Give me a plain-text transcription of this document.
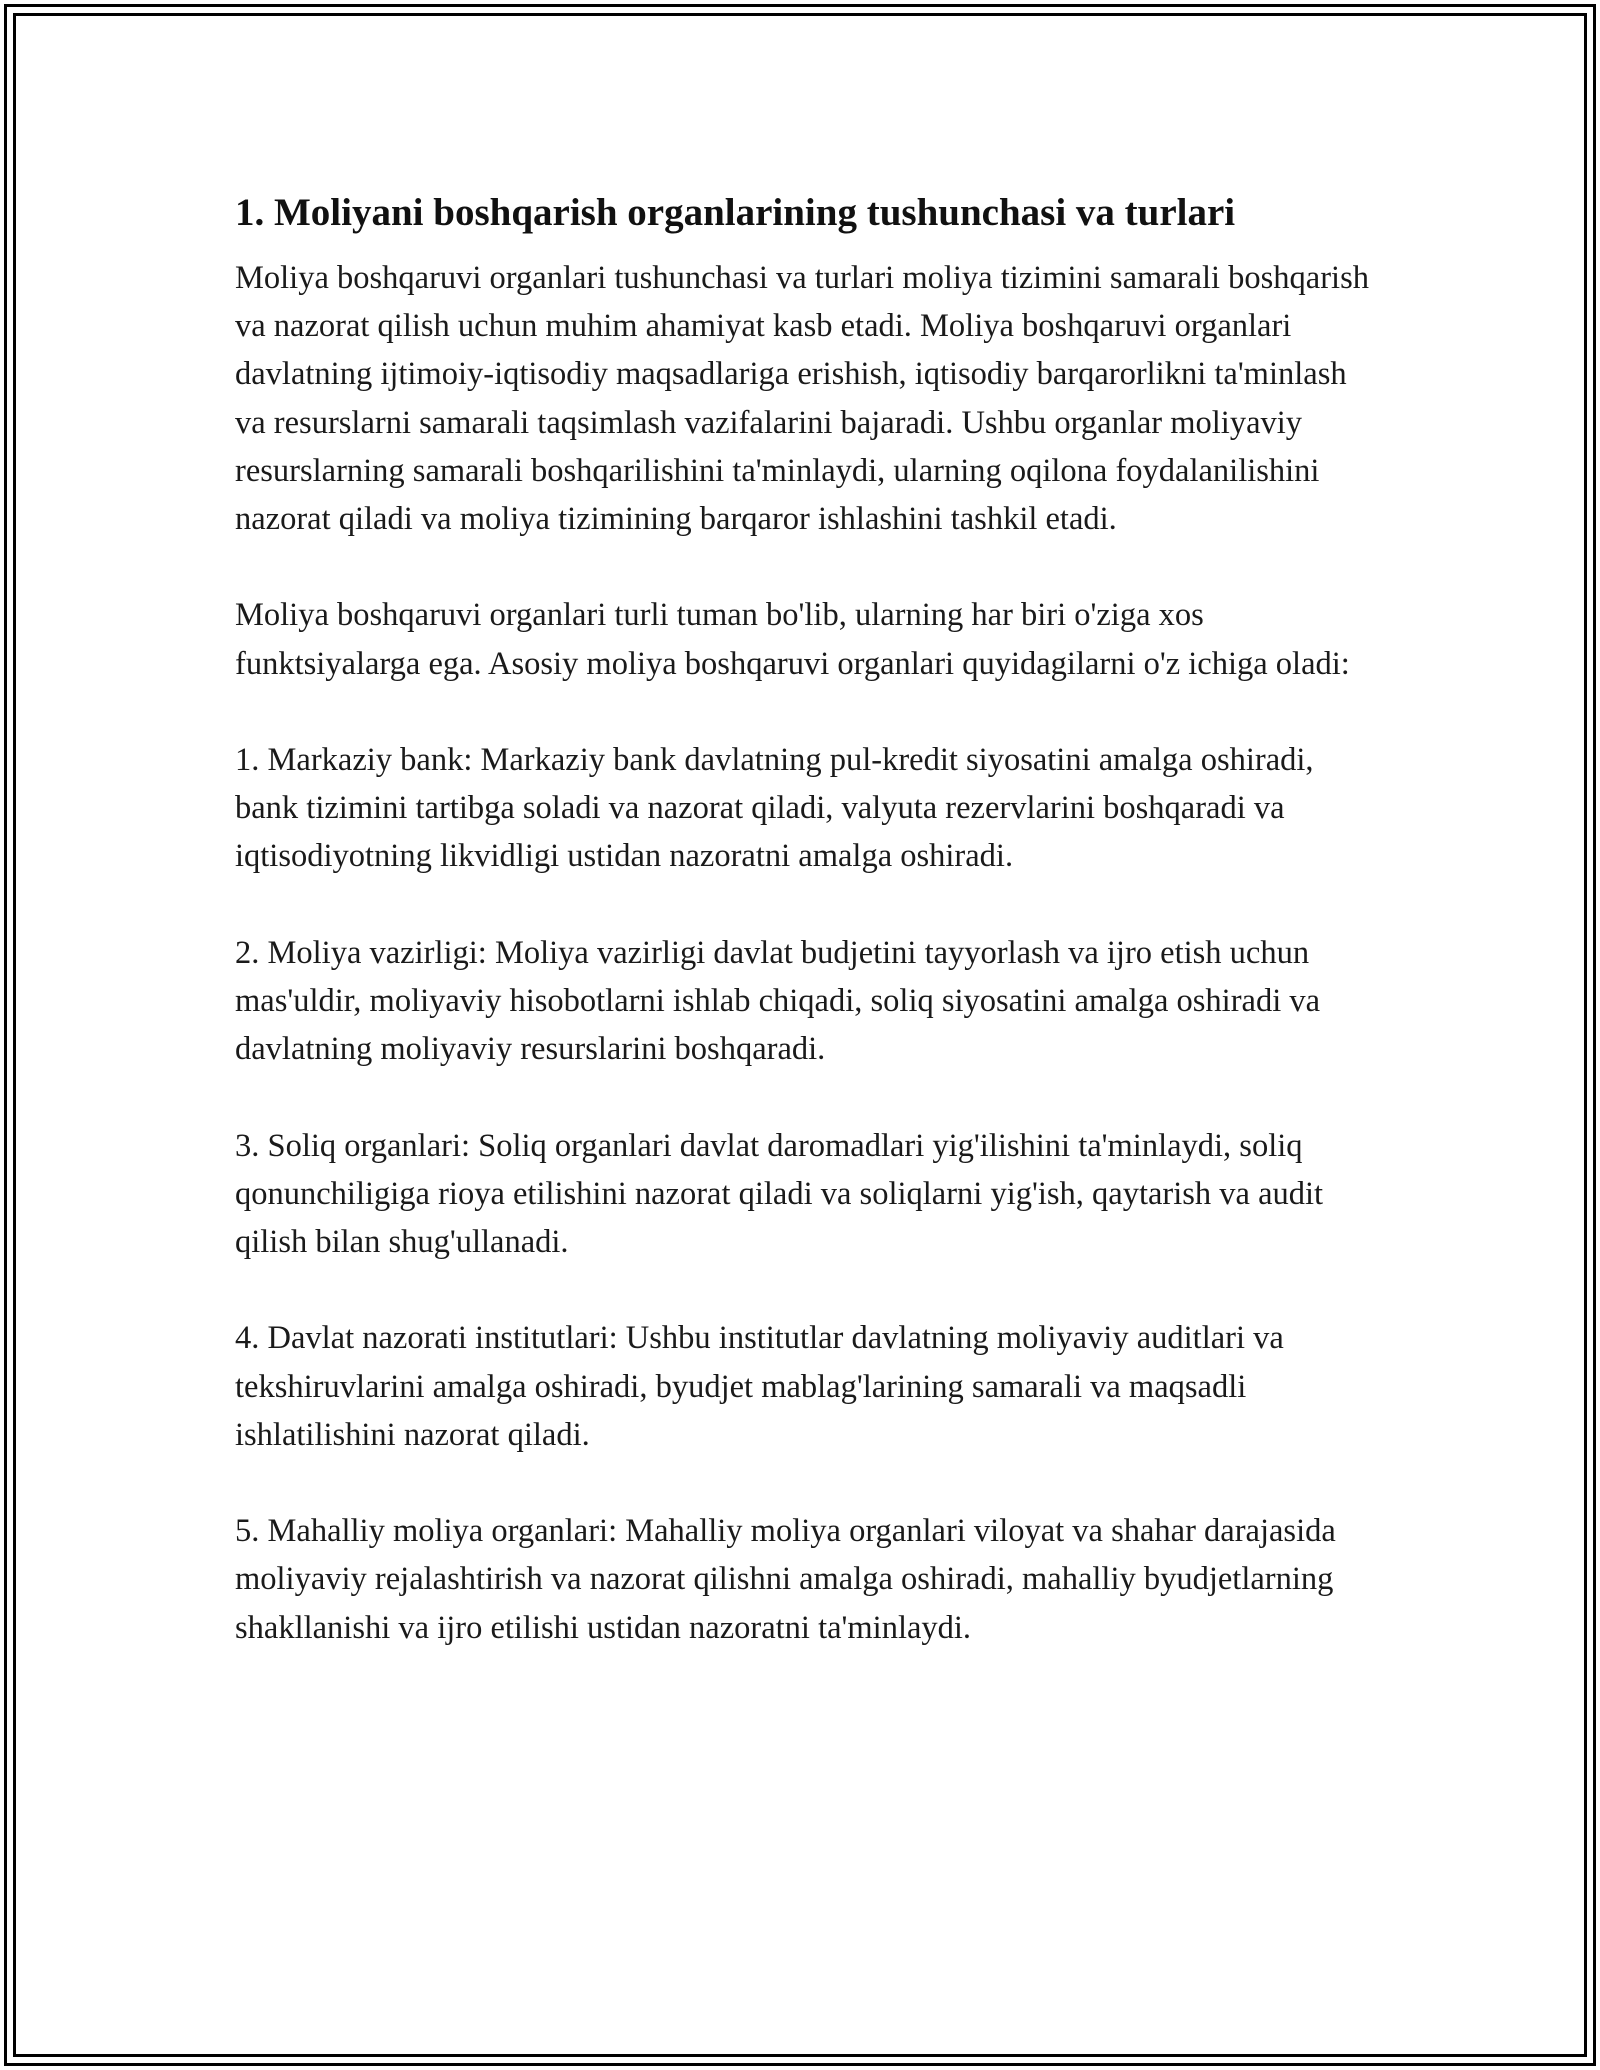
1. Moliyani boshqarish organlarining tushunchasi va turlari

Moliya boshqaruvi organlari tushunchasi va turlari moliya tizimini samarali boshqarish va nazorat qilish uchun muhim ahamiyat kasb etadi. Moliya boshqaruvi organlari davlatning ijtimoiy-iqtisodiy maqsadlariga erishish, iqtisodiy barqarorlikni ta'minlash va resurslarni samarali taqsimlash vazifalarini bajaradi. Ushbu organlar moliyaviy resurslarning samarali boshqarilishini ta'minlaydi, ularning oqilona foydalanilishini nazorat qiladi va moliya tizimining barqaror ishlashini tashkil etadi.

Moliya boshqaruvi organlari turli tuman bo'lib, ularning har biri o'ziga xos funktsiyalarga ega. Asosiy moliya boshqaruvi organlari quyidagilarni o'z ichiga oladi:

1. Markaziy bank: Markaziy bank davlatning pul-kredit siyosatini amalga oshiradi, bank tizimini tartibga soladi va nazorat qiladi, valyuta rezervlarini boshqaradi va iqtisodiyotning likvidligi ustidan nazoratni amalga oshiradi.

2. Moliya vazirligi: Moliya vazirligi davlat budjetini tayyorlash va ijro etish uchun mas'uldir, moliyaviy hisobotlarni ishlab chiqadi, soliq siyosatini amalga oshiradi va davlatning moliyaviy resurslarini boshqaradi.

3. Soliq organlari: Soliq organlari davlat daromadlari yig'ilishini ta'minlaydi, soliq qonunchiligiga rioya etilishini nazorat qiladi va soliqlarni yig'ish, qaytarish va audit qilish bilan shug'ullanadi.

4. Davlat nazorati institutlari: Ushbu institutlar davlatning moliyaviy auditlari va tekshiruvlarini amalga oshiradi, byudjet mablag'larining samarali va maqsadli ishlatilishini nazorat qiladi.

5. Mahalliy moliya organlari: Mahalliy moliya organlari viloyat va shahar darajasida moliyaviy rejalashtirish va nazorat qilishni amalga oshiradi, mahalliy byudjetlarning shakllanishi va ijro etilishi ustidan nazoratni ta'minlaydi.
